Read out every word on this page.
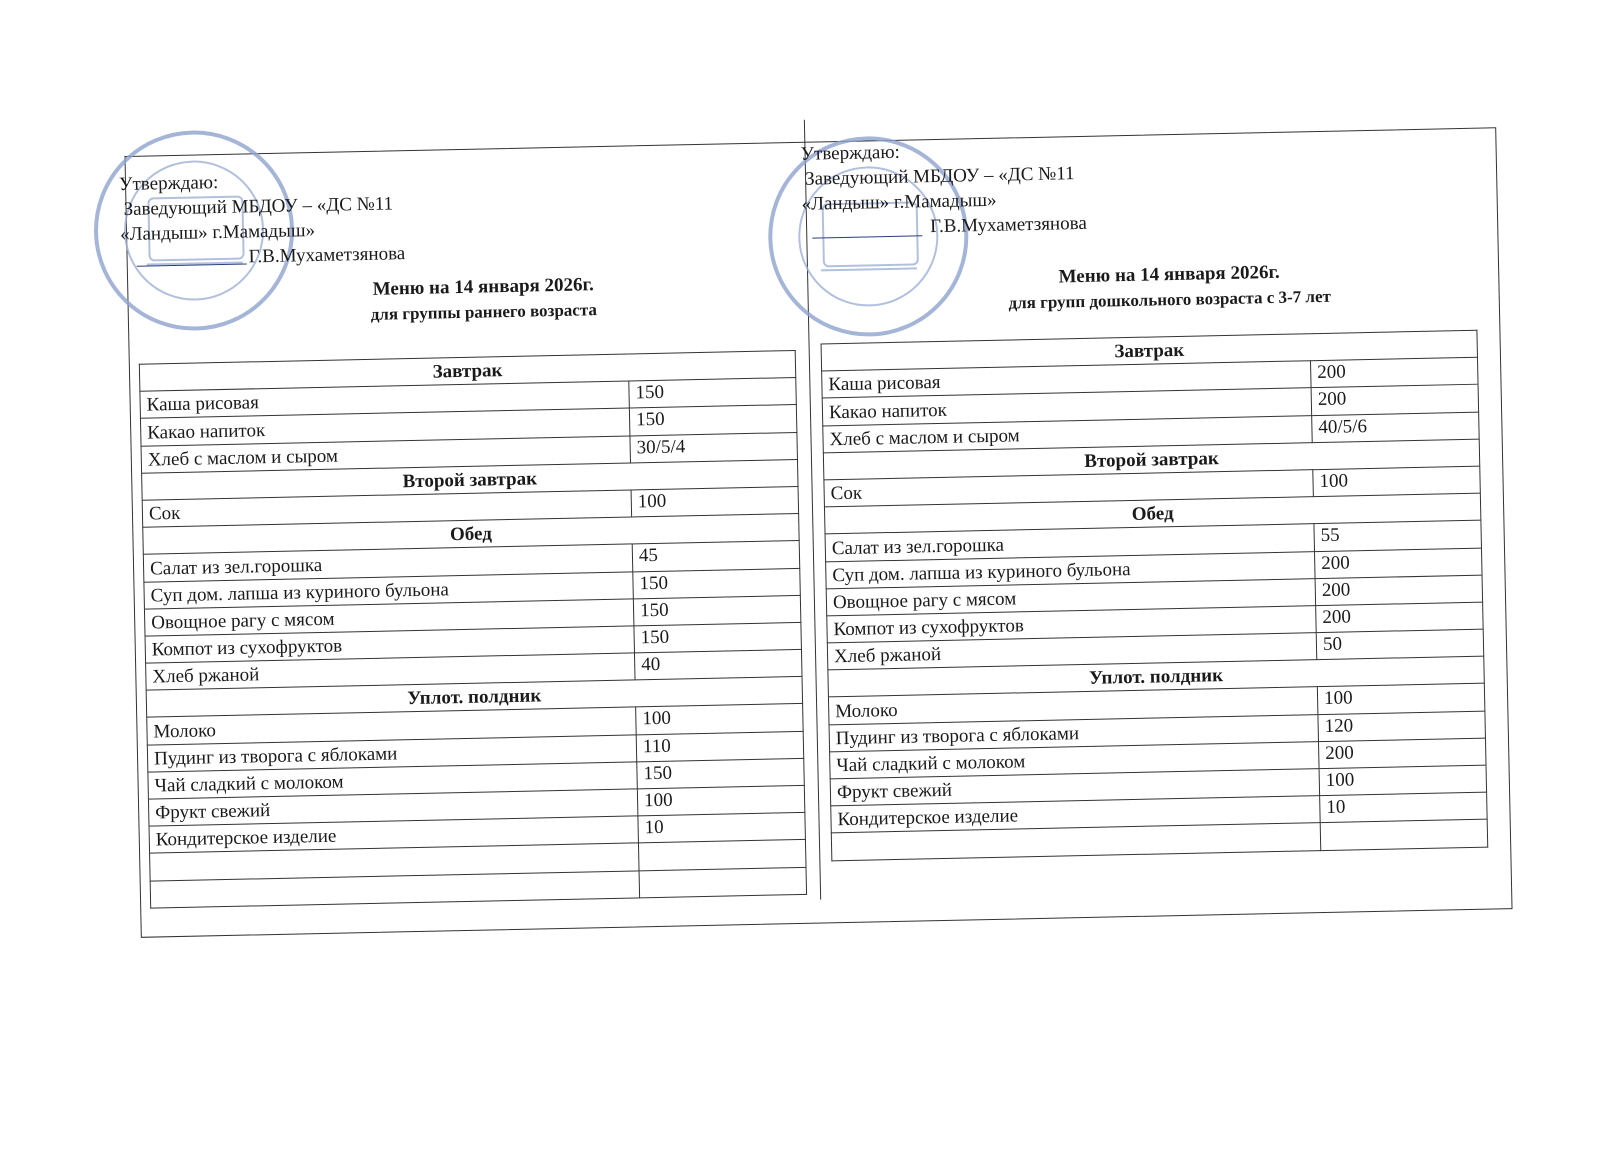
Утверждаю:
Заведующий МБДОУ – «ДС №11
«Ландыш» г.Мамадыш»
Г.В.Мухаметзянова
Меню на 14 января 2026г.
для группы раннего возраста
Завтрак	
Каша рисовая	150
Какао напиток	150
Хлеб с маслом и сыром	30/5/4
Второй завтрак	
Сок	100
Обед	
Салат из зел.горошка	45
Суп дом. лапша из куриного бульона	150
Овощное рагу с мясом	150
Компот из сухофруктов	150
Хлеб ржаной	40
Уплот. полдник	
Молоко	100
Пудинг из творога с яблоками	110
Чай сладкий с молоком	150
Фрукт свежий	100
Кондитерское изделие	10

Утверждаю:
Заведующий МБДОУ – «ДС №11
«Ландыш» г.Мамадыш»
Г.В.Мухаметзянова
Меню на 14 января 2026г.
для групп дошкольного возраста с 3-7 лет
Завтрак	
Каша рисовая	200
Какао напиток	200
Хлеб с маслом и сыром	40/5/6
Второй завтрак	
Сок	100
Обед	
Салат из зел.горошка	55
Суп дом. лапша из куриного бульона	200
Овощное рагу с мясом	200
Компот из сухофруктов	200
Хлеб ржаной	50
Уплот. полдник	
Молоко	100
Пудинг из творога с яблоками	120
Чай сладкий с молоком	200
Фрукт свежий	100
Кондитерское изделие	10
